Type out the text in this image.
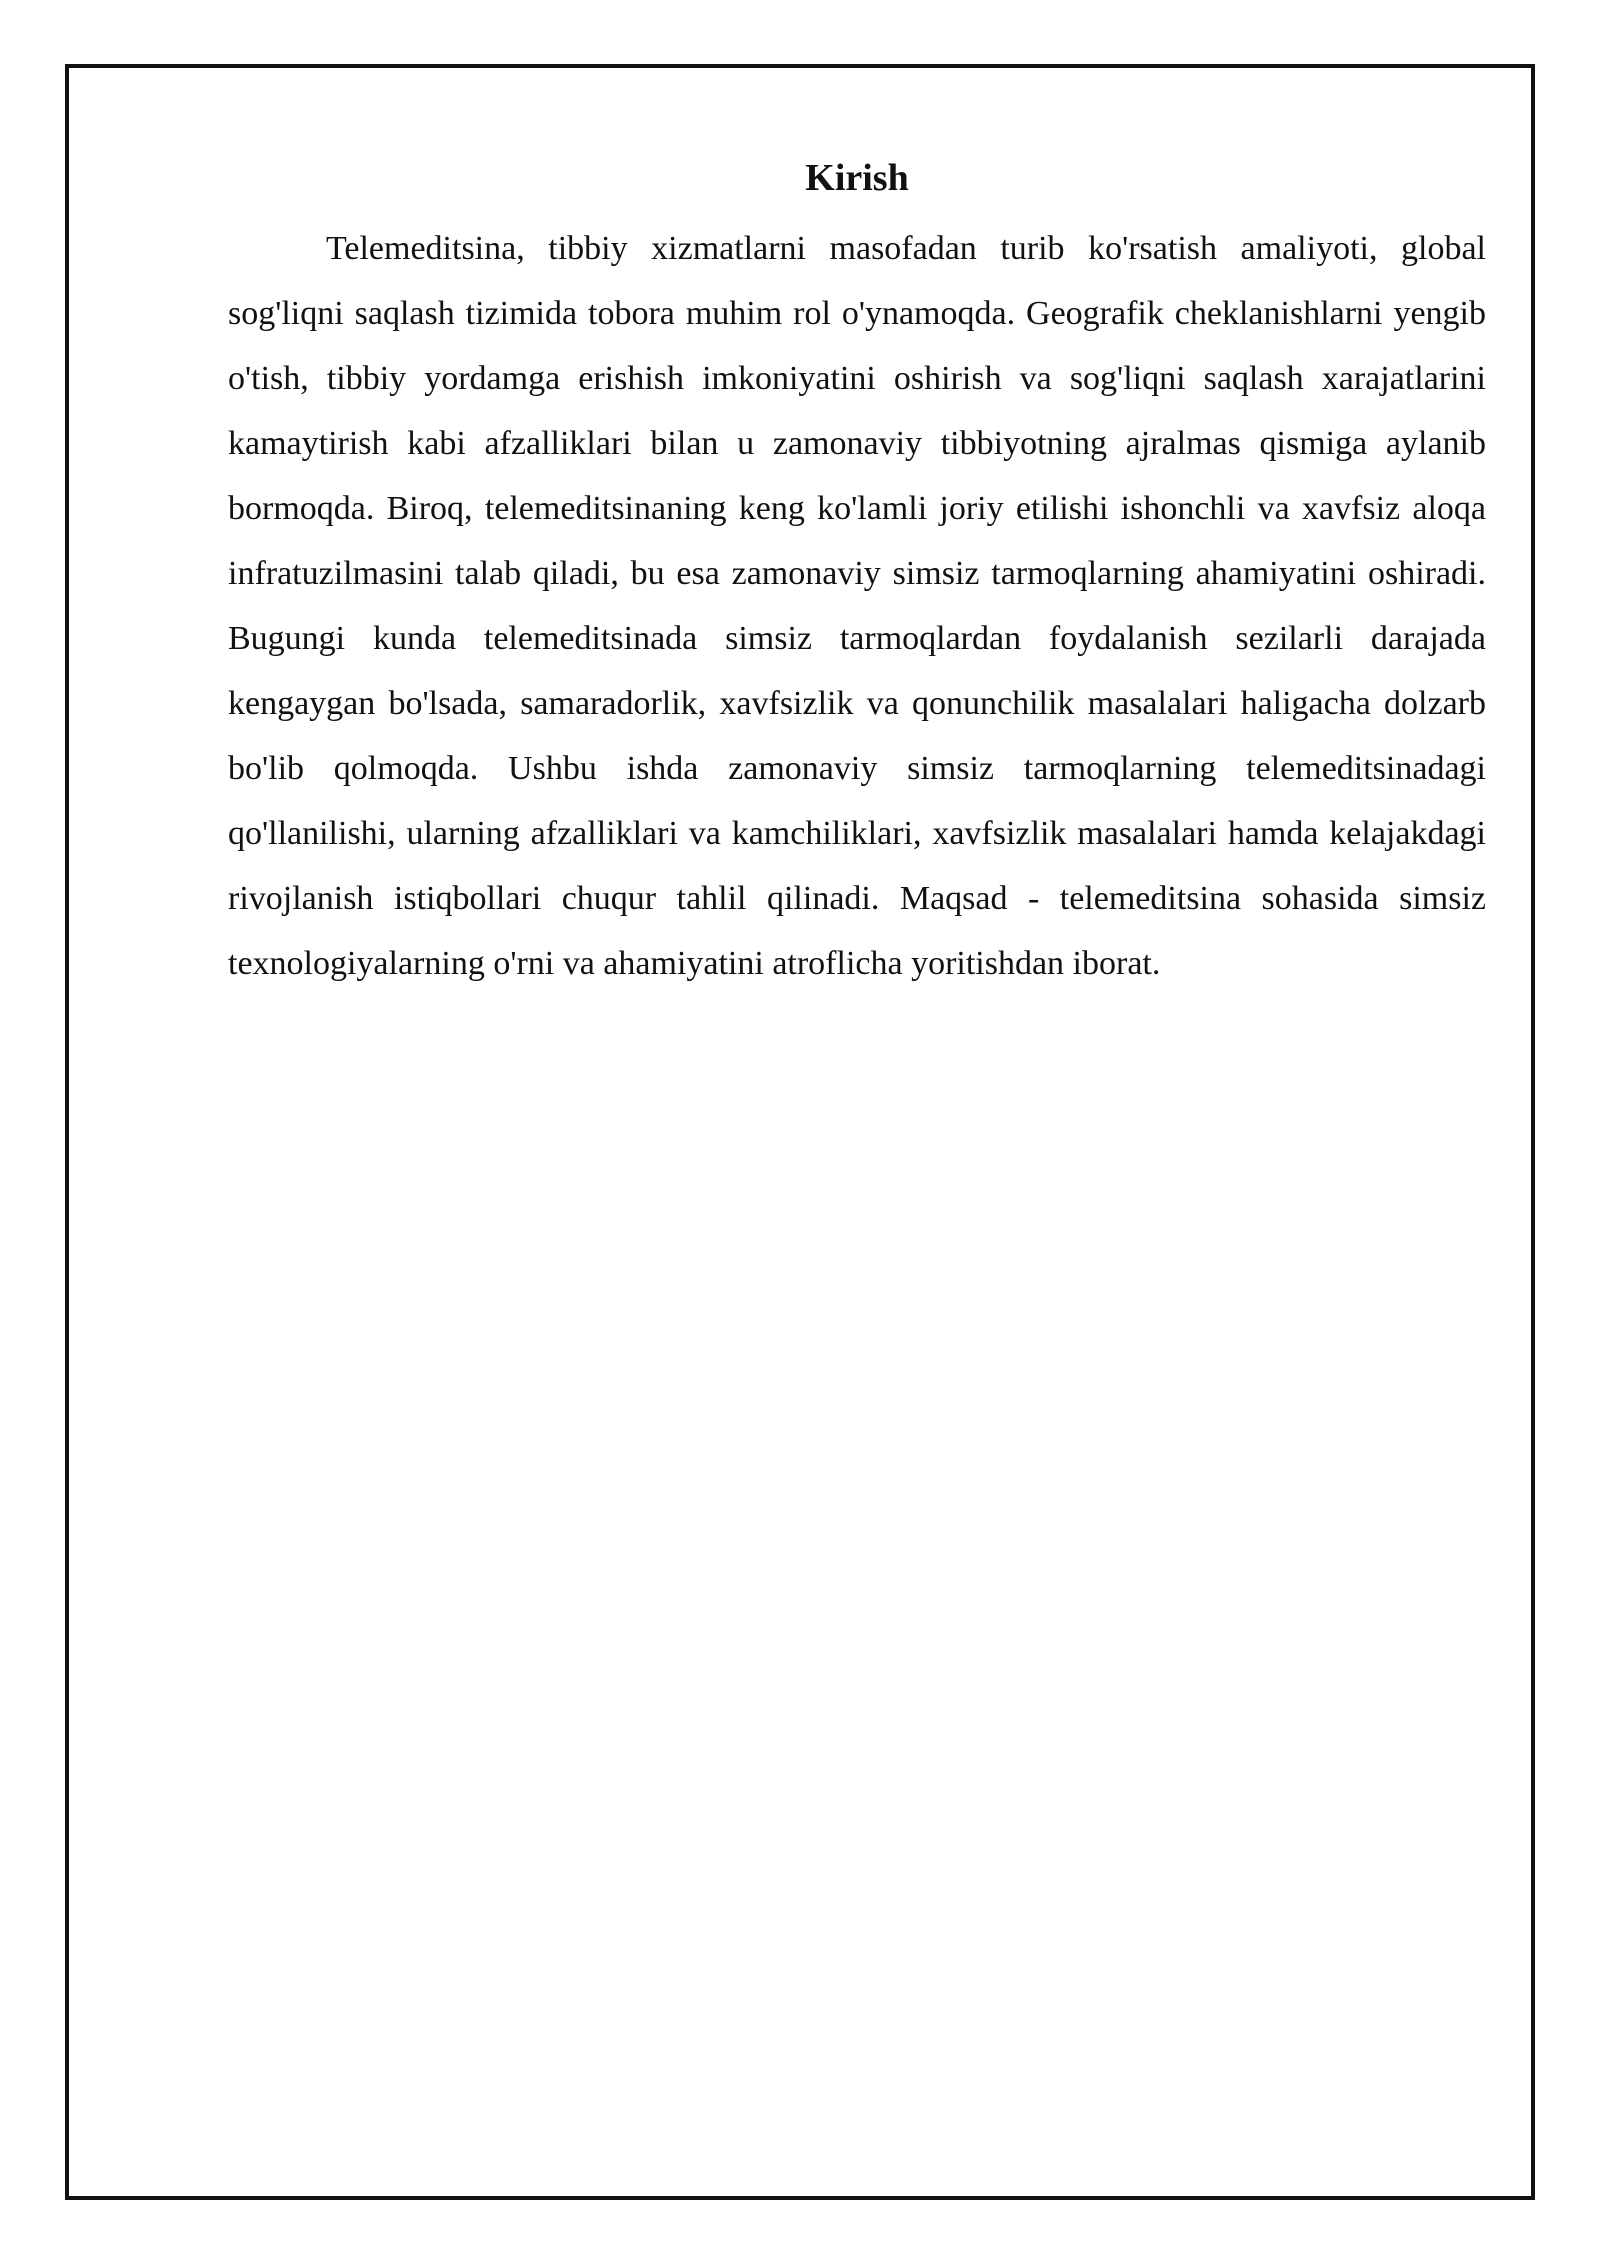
Kirish

Telemeditsina, tibbiy xizmatlarni masofadan turib ko'rsatish amaliyoti, global sog'liqni saqlash tizimida tobora muhim rol o'ynamoqda. Geografik cheklanishlarni yengib o'tish, tibbiy yordamga erishish imkoniyatini oshirish va sog'liqni saqlash xarajatlarini kamaytirish kabi afzalliklari bilan u zamonaviy tibbiyotning ajralmas qismiga aylanib bormoqda. Biroq, telemeditsinaning keng ko'lamli joriy etilishi ishonchli va xavfsiz aloqa infratuzilmasini talab qiladi, bu esa zamonaviy simsiz tarmoqlarning ahamiyatini oshiradi. Bugungi kunda telemeditsinada simsiz tarmoqlardan foydalanish sezilarli darajada kengaygan bo'lsada, samaradorlik, xavfsizlik va qonunchilik masalalari haligacha dolzarb bo'lib qolmoqda. Ushbu ishda zamonaviy simsiz tarmoqlarning telemeditsinadagi qo'llanilishi, ularning afzalliklari va kamchiliklari, xavfsizlik masalalari hamda kelajakdagi rivojlanish istiqbollari chuqur tahlil qilinadi. Maqsad - telemeditsina sohasida simsiz texnologiyalarning o'rni va ahamiyatini atroflicha yoritishdan iborat.
